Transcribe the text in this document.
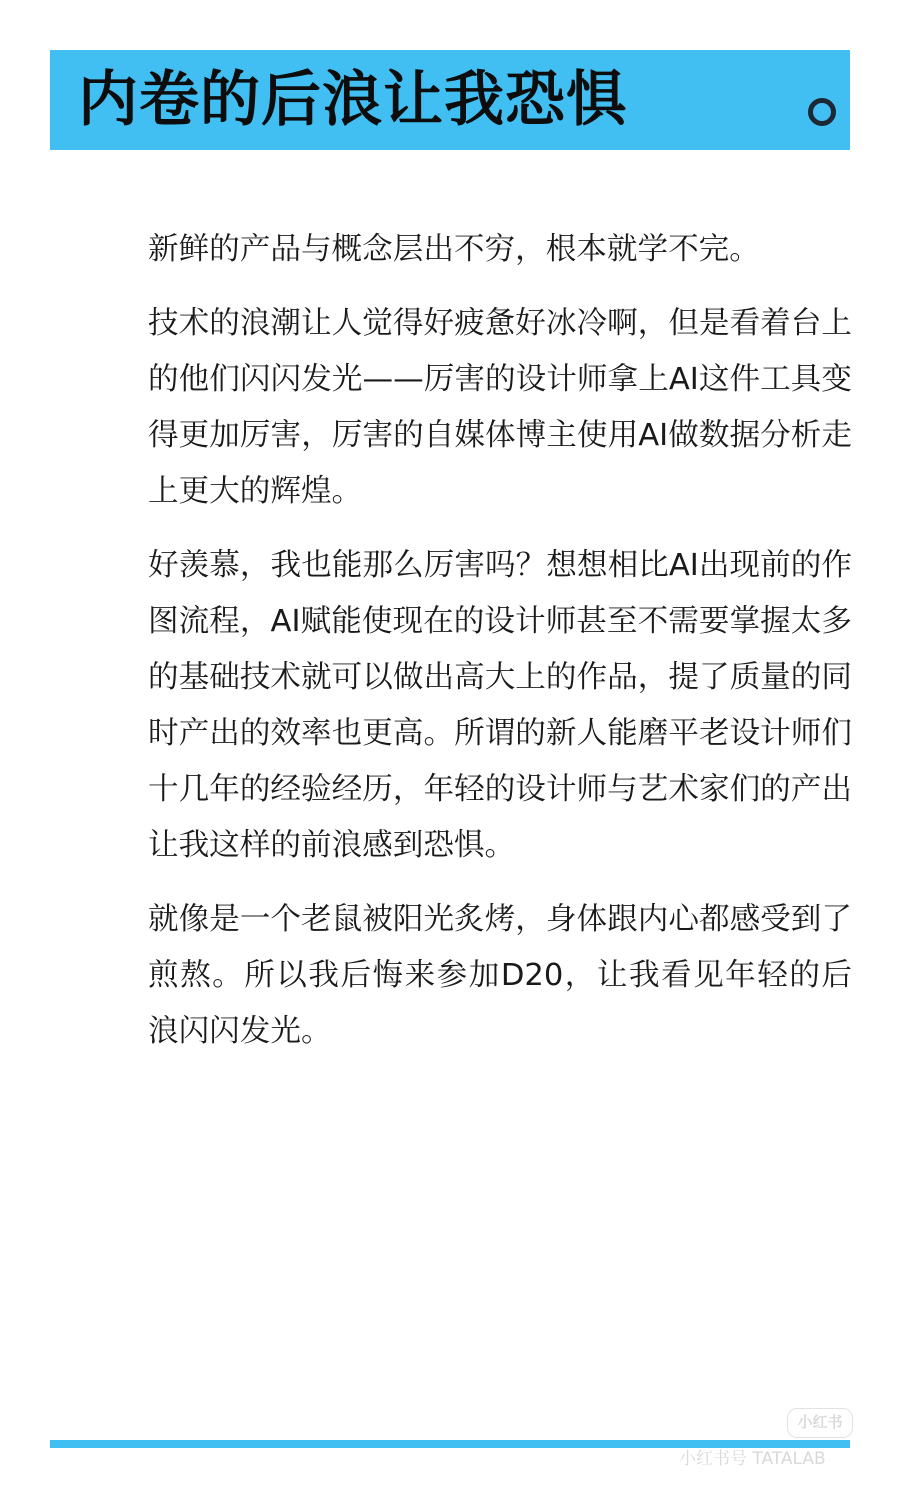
内卷的后浪让我恐惧

新鲜的产品与概念层出不穷，根本就学不完。

技术的浪潮让人觉得好疲惫好冰冷啊，但是看着台上的他们闪闪发光——厉害的设计师拿上AI这件工具变得更加厉害，厉害的自媒体博主使用AI做数据分析走上更大的辉煌。

好羡慕，我也能那么厉害吗？想想相比AI出现前的作图流程，AI赋能使现在的设计师甚至不需要掌握太多的基础技术就可以做出高大上的作品，提了质量的同时产出的效率也更高。所谓的新人能磨平老设计师们十几年的经验经历，年轻的设计师与艺术家们的产出让我这样的前浪感到恐惧。

就像是一个老鼠被阳光炙烤，身体跟内心都感受到了煎熬。所以我后悔来参加D20，让我看见年轻的后浪闪闪发光。

小红书
小红书号 TATALAB
